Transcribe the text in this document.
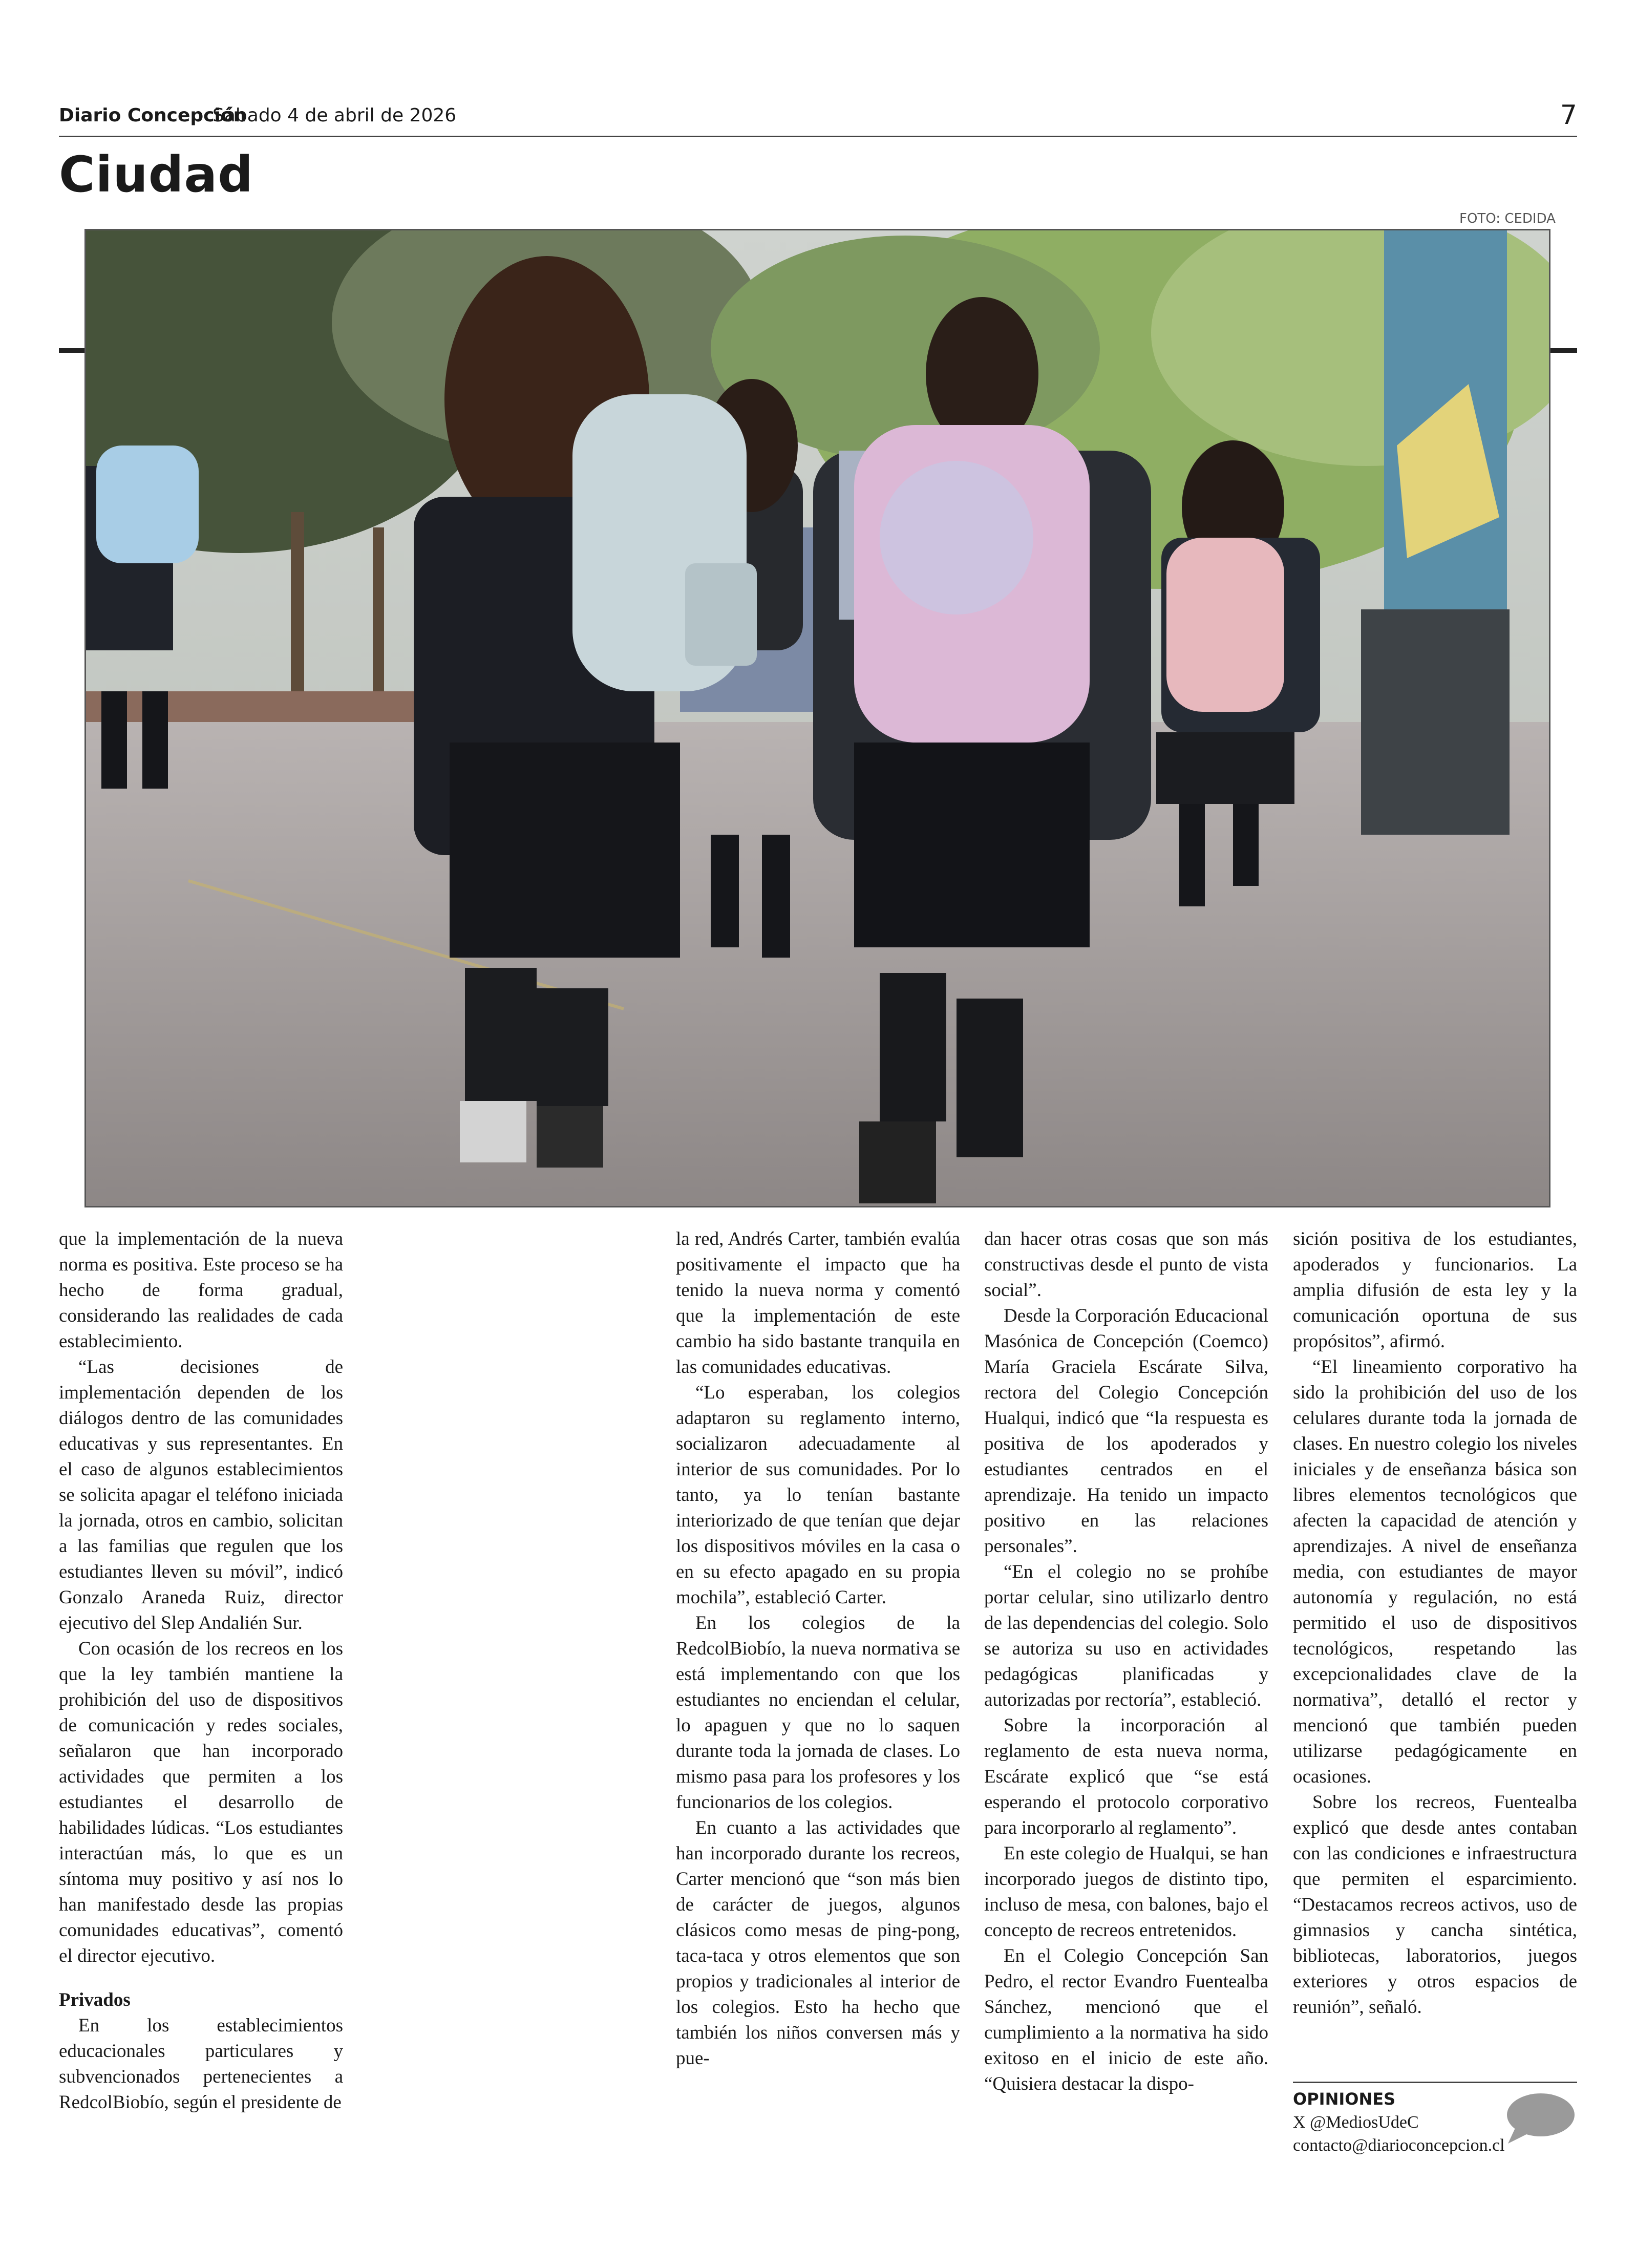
Diario Concepción
Sábado 4 de abril de 2026	7
Ciudad
FOTO: CEDIDA

que la implementación de la nueva norma es positiva. Este proceso se ha hecho de forma gradual, considerando las realidades de cada establecimiento.

“Las decisiones de implementación dependen de los diálogos dentro de las comunidades educativas y sus representantes. En el caso de algunos establecimientos se solicita apagar el teléfono iniciada la jornada, otros en cambio, solicitan a las familias que regulen que los estudiantes lleven su móvil”, indicó Gonzalo Araneda Ruiz, director ejecutivo del Slep Andalién Sur.

Con ocasión de los recreos en los que la ley también mantiene la prohibición del uso de dispositivos de comunicación y redes sociales, señalaron que han incorporado actividades que permiten a los estudiantes el desarrollo de habilidades lúdicas. “Los estudiantes interactúan más, lo que es un síntoma muy positivo y así nos lo han manifestado desde las propias comunidades educativas”, comentó el director ejecutivo.

Privados

En los establecimientos educacionales particulares y subvencionados pertenecientes a RedcolBiobío, según el presidente de

la red, Andrés Carter, también evalúa positivamente el impacto que ha tenido la nueva norma y comentó que la implementación de este cambio ha sido bastante tranquila en las comunidades educativas.

“Lo esperaban, los colegios adaptaron su reglamento interno, socializaron adecuadamente al interior de sus comunidades. Por lo tanto, ya lo tenían bastante interiorizado de que tenían que dejar los dispositivos móviles en la casa o en su efecto apagado en su propia mochila”, estableció Carter.

En los colegios de la RedcolBiobío, la nueva normativa se está implementando con que los estudiantes no enciendan el celular, lo apaguen y que no lo saquen durante toda la jornada de clases. Lo mismo pasa para los profesores y los funcionarios de los colegios.

En cuanto a las actividades que han incorporado durante los recreos, Carter mencionó que “son más bien de carácter de juegos, algunos clásicos como mesas de ping-pong, taca-taca y otros elementos que son propios y tradicionales al interior de los colegios. Esto ha hecho que también los niños conversen más y pue-

dan hacer otras cosas que son más constructivas desde el punto de vista social”.

Desde la Corporación Educacional Masónica de Concepción (Coemco) María Graciela Escárate Silva, rectora del Colegio Concepción Hualqui, indicó que “la respuesta es positiva de los apoderados y estudiantes centrados en el aprendizaje. Ha tenido un impacto positivo en las relaciones personales”.

“En el colegio no se prohíbe portar celular, sino utilizarlo dentro de las dependencias del colegio. Solo se autoriza su uso en actividades pedagógicas planificadas y autorizadas por rectoría”, estableció.

Sobre la incorporación al reglamento de esta nueva norma, Escárate explicó que “se está esperando el protocolo corporativo para incorporarlo al reglamento”.

En este colegio de Hualqui, se han incorporado juegos de distinto tipo, incluso de mesa, con balones, bajo el concepto de recreos entretenidos.

En el Colegio Concepción San Pedro, el rector Evandro Fuentealba Sánchez, mencionó que el cumplimiento a la normativa ha sido exitoso en el inicio de este año. “Quisiera destacar la dispo-

sición positiva de los estudiantes, apoderados y funcionarios. La amplia difusión de esta ley y la comunicación oportuna de sus propósitos”, afirmó.

“El lineamiento corporativo ha sido la prohibición del uso de los celulares durante toda la jornada de clases. En nuestro colegio los niveles iniciales y de enseñanza básica son libres elementos tecnológicos que afecten la capacidad de atención y aprendizajes. A nivel de enseñanza media, con estudiantes de mayor autonomía y regulación, no está permitido el uso de dispositivos tecnológicos, respetando las excepcionalidades clave de la normativa”, detalló el rector y mencionó que también pueden utilizarse pedagógicamente en ocasiones.

Sobre los recreos, Fuentealba explicó que desde antes contaban con las condiciones e infraestructura que permiten el esparcimiento. “Destacamos recreos activos, uso de gimnasios y cancha sintética, bibliotecas, laboratorios, juegos exteriores y otros espacios de reunión”, señaló.

OPINIONES
X @MediosUdeC
contacto@diarioconcepcion.cl
